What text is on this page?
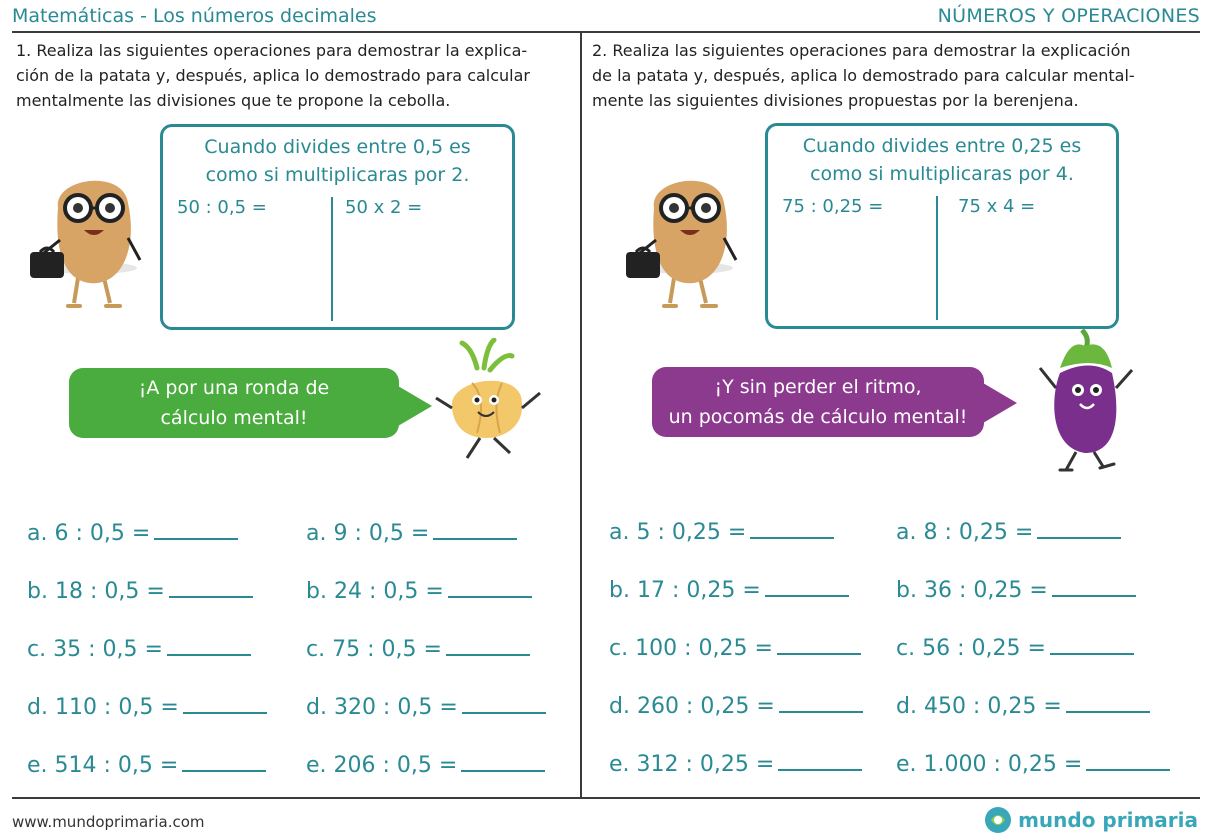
Matemáticas - Los números decimales	NÚMEROS Y OPERACIONES
1. Realiza las siguientes operaciones para demostrar la explica-
ción de la patata y, después, aplica lo demostrado para calcular
mentalmente las divisiones que te propone la cebolla.
Cuando divides entre 0,5 es
como si multiplicaras por 2.
50 : 0,5 =	50 x 2 =
¡A por una ronda de
cálculo mental!
a. 6 : 0,5 =
b. 18 : 0,5 =
c. 35 : 0,5 =
d. 110 : 0,5 =
e. 514 : 0,5 =
a. 9 : 0,5 =
b. 24 : 0,5 =
c. 75 : 0,5 =
d. 320 : 0,5 =
e. 206 : 0,5 =
2. Realiza las siguientes operaciones para demostrar la explicación
de la patata y, después, aplica lo demostrado para calcular mental-
mente las siguientes divisiones propuestas por la berenjena.
Cuando divides entre 0,25 es
como si multiplicaras por 4.
75 : 0,25 =	75 x 4 =
¡Y sin perder el ritmo,
un pocomás de cálculo mental!
a. 5 : 0,25 =
b. 17 : 0,25 =
c. 100 : 0,25 =
d. 260 : 0,25 =
e. 312 : 0,25 =
a. 8 : 0,25 =
b. 36 : 0,25 =
c. 56 : 0,25 =
d. 450 : 0,25 =
e. 1.000 : 0,25 =
www.mundoprimaria.com	mundo primaria
